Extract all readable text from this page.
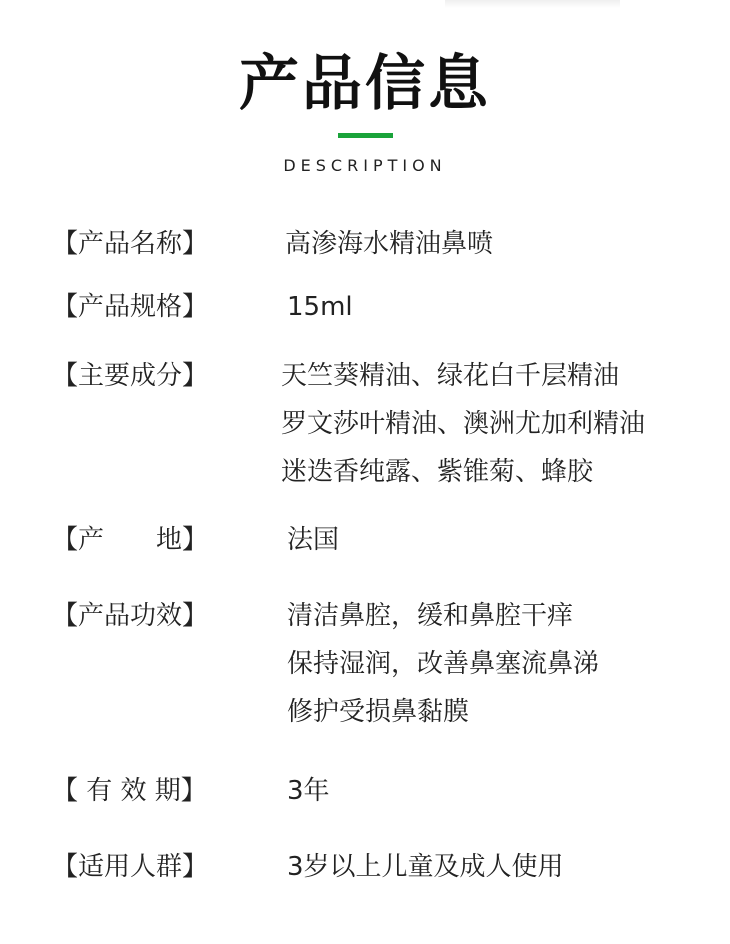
产品信息
DESCRIPTION
【产品名称】	高渗海水精油鼻喷
【产品规格】	15ml
【主要成分】	天竺葵精油、绿花白千层精油
罗文莎叶精油、澳洲尤加利精油
迷迭香纯露、紫锥菊、蜂胶
【产　　地】	法国
【产品功效】	清洁鼻腔，缓和鼻腔干痒
保持湿润，改善鼻塞流鼻涕
修护受损鼻黏膜
【 有 效 期】	3年
【适用人群】	3岁以上儿童及成人使用
